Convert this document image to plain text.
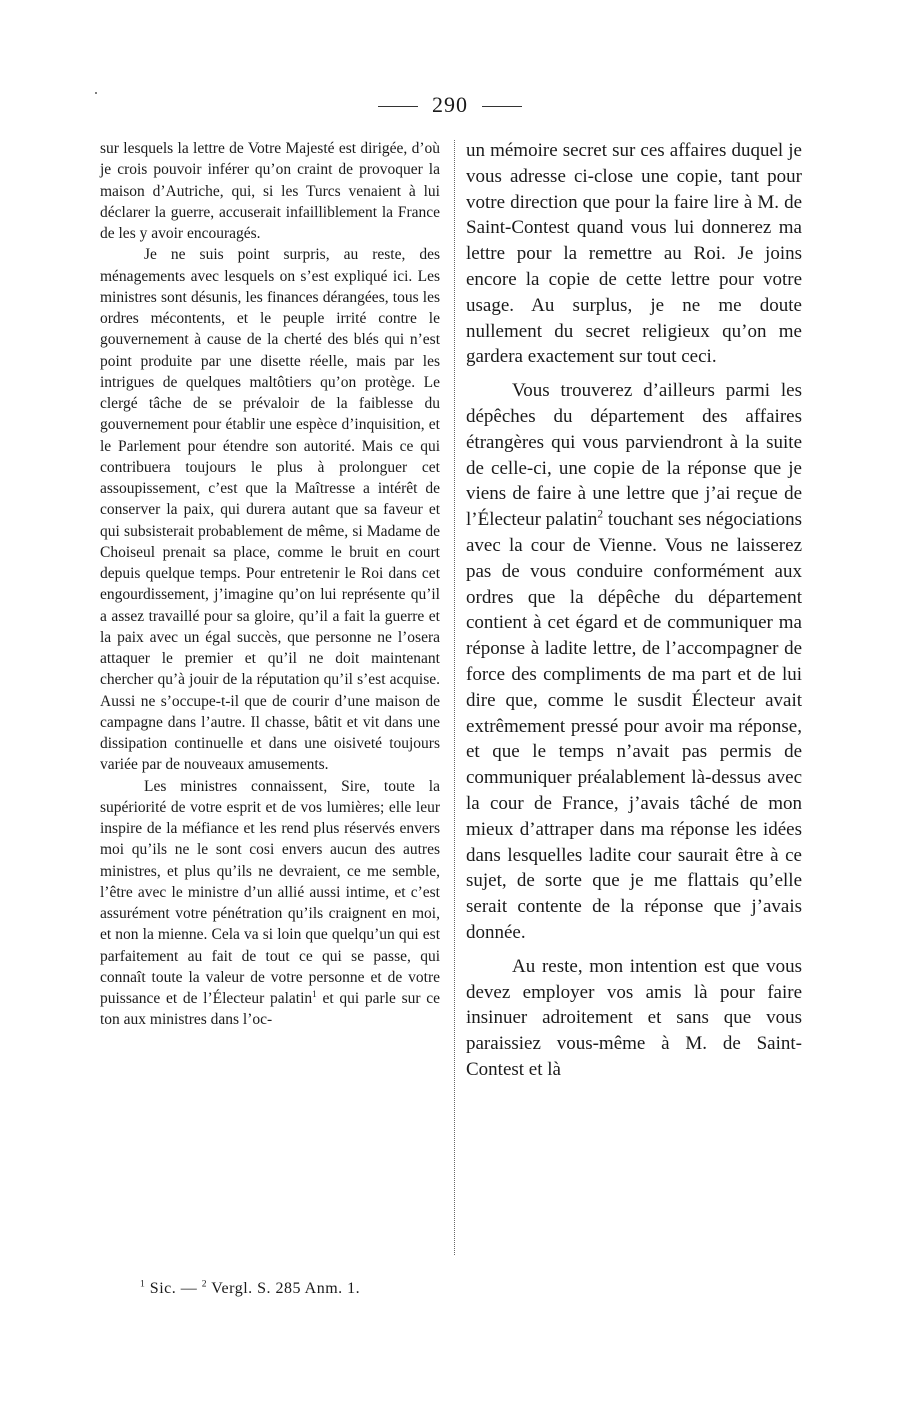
290

sur lesquels la lettre de Votre Majesté est dirigée, d’où je crois pouvoir inférer qu’on craint de provoquer la maison d’Autriche, qui, si les Turcs venaient à lui déclarer la guerre, accuserait infailliblement la France de les y avoir encouragés.

Je ne suis point surpris, au reste, des ménagements avec lesquels on s’est expliqué ici. Les ministres sont désunis, les finances dérangées, tous les ordres mécontents, et le peuple irrité contre le gouvernement à cause de la cherté des blés qui n’est point produite par une disette réelle, mais par les intrigues de quelques maltôtiers qu’on protège. Le clergé tâche de se prévaloir de la faiblesse du gouvernement pour établir une espèce d’inquisition, et le Parlement pour étendre son autorité. Mais ce qui contribuera toujours le plus à prolonguer cet assoupissement, c’est que la Maîtresse a intérêt de conserver la paix, qui durera autant que sa faveur et qui subsisterait probablement de même, si Madame de Choiseul prenait sa place, comme le bruit en court depuis quelque temps. Pour entretenir le Roi dans cet engourdissement, j’imagine qu’on lui représente qu’il a assez travaillé pour sa gloire, qu’il a fait la guerre et la paix avec un égal succès, que personne ne l’osera attaquer le premier et qu’il ne doit maintenant chercher qu’à jouir de la réputation qu’il s’est acquise. Aussi ne s’occupe-t-il que de courir d’une maison de campagne dans l’autre. Il chasse, bâtit et vit dans une dissipation continuelle et dans une oisiveté toujours variée par de nouveaux amusements.

Les ministres connaissent, Sire, toute la supériorité de votre esprit et de vos lumières; elle leur inspire de la méfiance et les rend plus réservés envers moi qu’ils ne le sont cosi envers aucun des autres ministres, et plus qu’ils ne devraient, ce me semble, l’être avec le ministre d’un allié aussi intime, et c’est assurément votre pénétration qu’ils craignent en moi, et non la mienne. Cela va si loin que quelqu’un qui est parfaitement au fait de tout ce qui se passe, qui connaît toute la valeur de votre personne et de votre puissance et de l’Électeur palatin$^1$ et qui parle sur ce ton aux ministres dans l’oc-

un mémoire secret sur ces affaires duquel je vous adresse ci-close une copie, tant pour votre direction que pour la faire lire à M. de Saint-Contest quand vous lui donnerez ma lettre pour la remettre au Roi. Je joins encore la copie de cette lettre pour votre usage. Au surplus, je ne me doute nullement du secret religieux qu’on me gardera exactement sur tout ceci.

Vous trouverez d’ailleurs parmi les dépêches du département des affaires étrangères qui vous parviendront à la suite de celle-ci, une copie de la réponse que je viens de faire à une lettre que j’ai reçue de l’Électeur palatin$^2$ touchant ses négociations avec la cour de Vienne. Vous ne laisserez pas de vous conduire conformément aux ordres que la dépêche du département contient à cet égard et de communiquer ma réponse à ladite lettre, de l’accompagner de force des compliments de ma part et de lui dire que, comme le susdit Électeur avait extrêmement pressé pour avoir ma réponse, et que le temps n’avait pas permis de communiquer préalablement là-dessus avec la cour de France, j’avais tâché de mon mieux d’attraper dans ma réponse les idées dans lesquelles ladite cour saurait être à ce sujet, de sorte que je me flattais qu’elle serait contente de la réponse que j’avais donnée.

Au reste, mon intention est que vous devez employer vos amis là pour faire insinuer adroitement et sans que vous paraissiez vous-même à M. de Saint-Contest et là

$^1$ Sic. — $^2$ Vergl. S. 285 Anm. 1.
